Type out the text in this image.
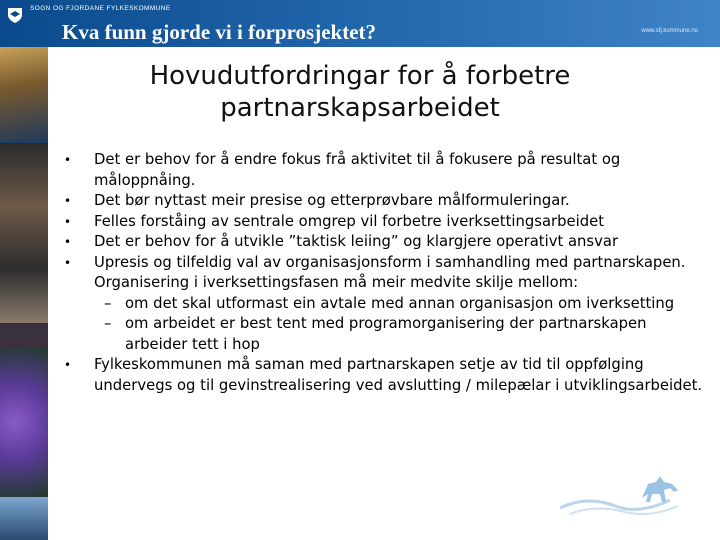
SOGN OG FJORDANE FYLKESKOMMUNE
www.sfj.kommune.no
Kva funn gjorde vi i forprosjektet?
Hovudutfordringar for å forbetre
partnarskapsarbeidet
• Det er behov for å endre fokus frå aktivitet til å fokusere på resultat og måloppnåing.
• Det bør nyttast meir presise og etterprøvbare målformuleringar.
• Felles forståing av sentrale omgrep vil forbetre iverksettingsarbeidet
• Det er behov for å utvikle ”taktisk leiing” og klargjere operativt ansvar
• Upresis og tilfeldig val av organisasjonsform i samhandling med partnarskapen. Organisering i iverksettingsfasen må meir medvite skilje mellom:
– om det skal utformast ein avtale med annan organisasjon om iverksetting
– om arbeidet er best tent med programorganisering der partnarskapen arbeider tett i hop
• Fylkeskommunen må saman med partnarskapen setje av tid til oppfølging undervegs og til gevinstrealisering ved avslutting / milepælar i utviklingsarbeidet.
